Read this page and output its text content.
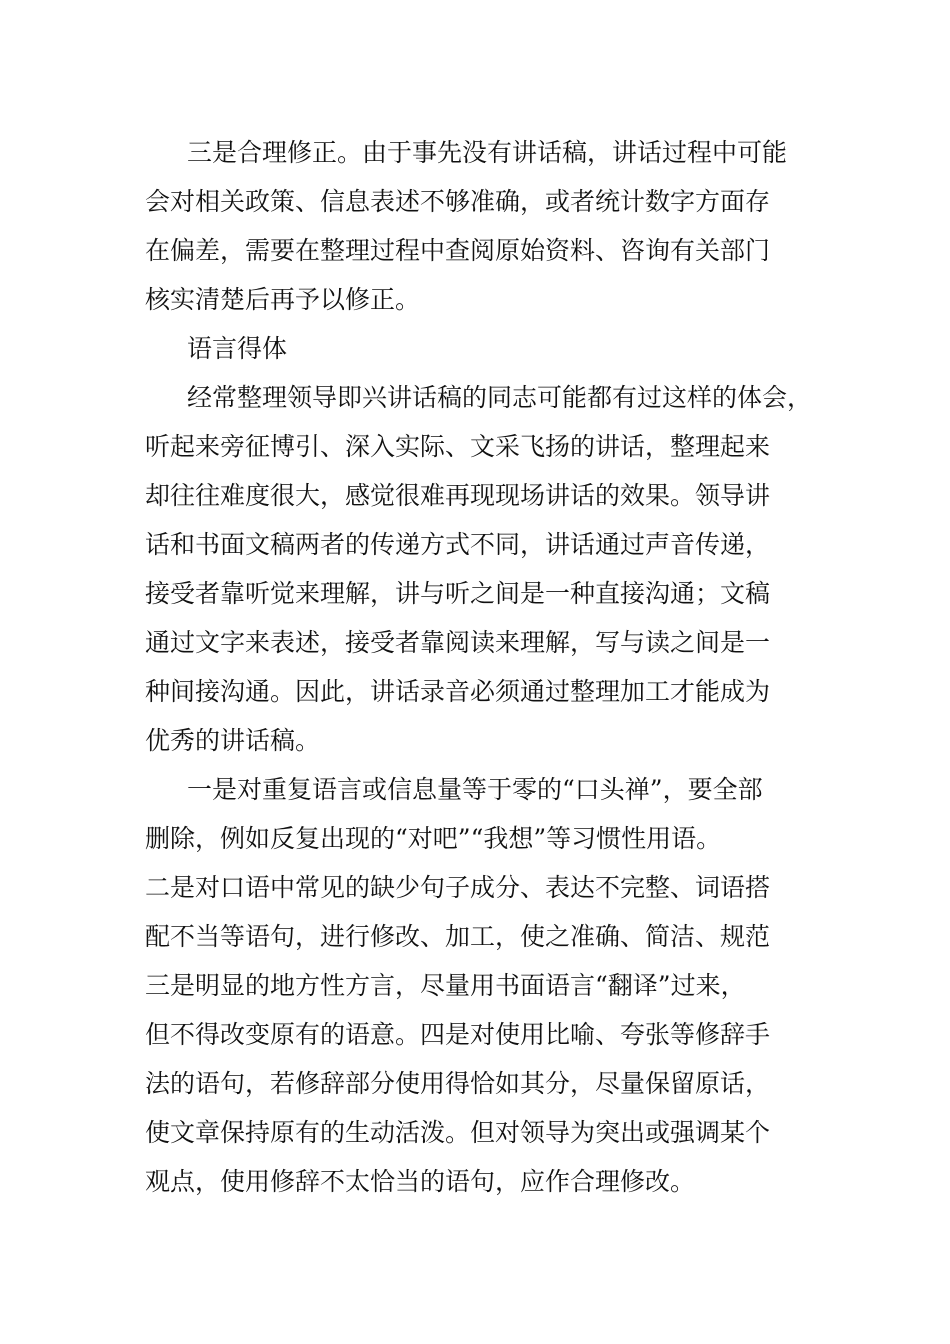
三是合理修正。由于事先没有讲话稿，讲话过程中可能
会对相关政策、信息表述不够准确，或者统计数字方面存
在偏差，需要在整理过程中查阅原始资料、咨询有关部门
核实清楚后再予以修正。
语言得体
经常整理领导即兴讲话稿的同志可能都有过这样的体会，
听起来旁征博引、深入实际、文采飞扬的讲话，整理起来
却往往难度很大，感觉很难再现现场讲话的效果。领导讲
话和书面文稿两者的传递方式不同，讲话通过声音传递，
接受者靠听觉来理解，讲与听之间是一种直接沟通；文稿
通过文字来表述，接受者靠阅读来理解，写与读之间是一
种间接沟通。因此，讲话录音必须通过整理加工才能成为
优秀的讲话稿。
一是对重复语言或信息量等于零的“口头禅”，要全部
删除，例如反复出现的“对吧”“我想”等习惯性用语。
二是对口语中常见的缺少句子成分、表达不完整、词语搭
配不当等语句，进行修改、加工，使之准确、简洁、规范
三是明显的地方性方言，尽量用书面语言“翻译”过来，
但不得改变原有的语意。四是对使用比喻、夸张等修辞手
法的语句，若修辞部分使用得恰如其分，尽量保留原话，
使文章保持原有的生动活泼。但对领导为突出或强调某个
观点，使用修辞不太恰当的语句，应作合理修改。
